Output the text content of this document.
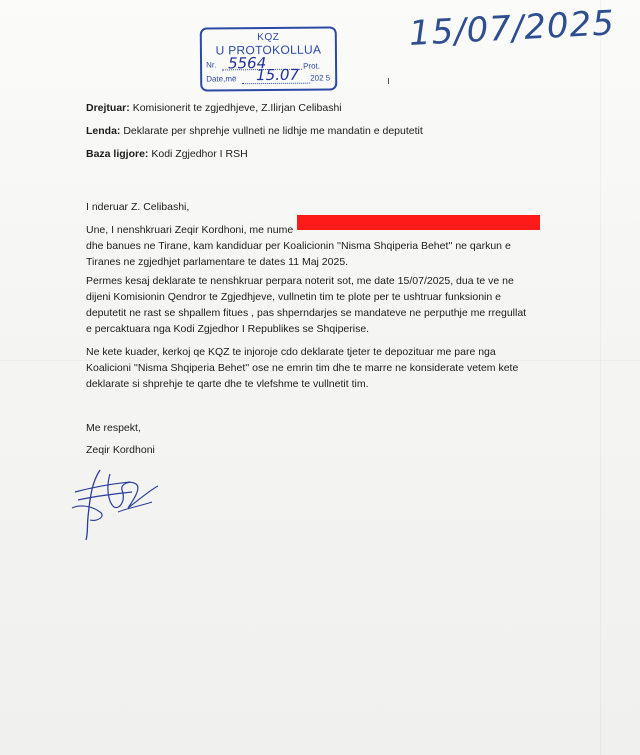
KQZ
U PROTOKOLLUA
Nr. 5564	Prot.
Date,më 15.07 202 5
15/07/2025
Drejtuar: Komisionerit te zgjedhjeve, Z.Ilirjan Celibashi
Lenda: Deklarate per shprehje vullneti ne lidhje me mandatin e deputetit
Baza ligjore: Kodi Zgjedhor I RSH
I nderuar Z. Celibashi,
Une, I nenshkruari Zeqir Kordhoni, me nume
dhe banues ne Tirane, kam kandiduar per Koalicionin ''Nisma Shqiperia Behet'' ne qarkun e
Tiranes ne zgjedhjet parlamentare te dates 11 Maj 2025.
Permes kesaj deklarate te nenshkruar perpara noterit sot, me date 15/07/2025, dua te ve ne
dijeni Komisionin Qendror te Zgjedhjeve, vullnetin tim te plote per te ushtruar funksionin e
deputetit ne rast se shpallem fitues , pas shpernd​arjes se mandateve ne perputhje me rregullat
e percaktuara nga Kodi Zgjedhor I Republikes se Shqiperise.
Ne kete kuader, kerkoj qe KQZ te injoroje cdo deklarate tjeter te depozituar me pare nga
Koalicioni ''Nisma Shqiperia Behet'' ose ne emrin tim dhe te marre ne konsiderate vetem kete
deklarate si shprehje te qarte dhe te vlefshme te vullnetit tim.
Me respekt,
Zeqir Kordhoni
